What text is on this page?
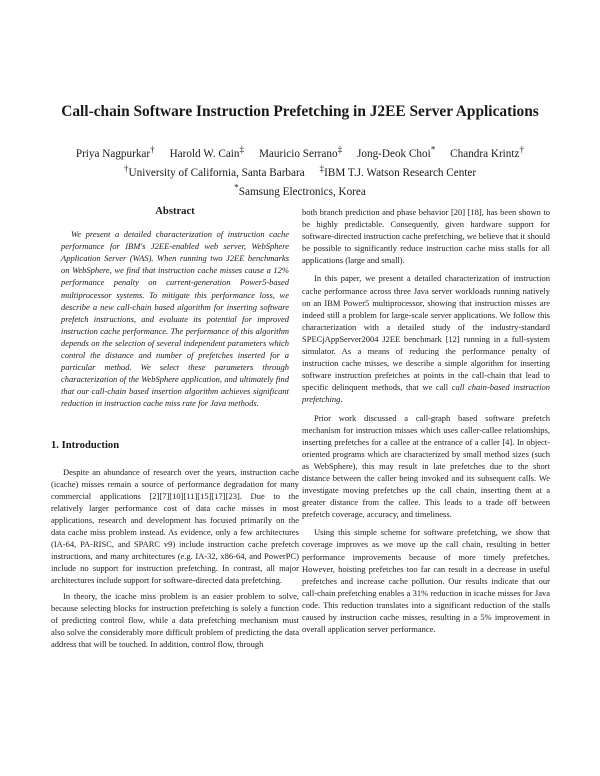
Call-chain Software Instruction Prefetching in J2EE Server Applications
Priya Nagpurkar† Harold W. Cain‡ Mauricio Serrano‡ Jong-Deok Choi* Chandra Krintz†
†University of California, Santa Barbara ‡IBM T.J. Watson Research Center
*Samsung Electronics, Korea
Abstract

We present a detailed characterization of instruction cache performance for IBM's J2EE-enabled web server, WebSphere Application Server (WAS). When running two J2EE benchmarks on WebSphere, we find that instruction cache misses cause a 12% performance penalty on current-generation Power5-based multiprocessor systems. To mitigate this performance loss, we describe a new call-chain based algorithm for inserting software prefetch instructions, and evaluate its potential for improved instruction cache performance. The performance of this algorithm depends on the selection of several independent parameters which control the distance and number of prefetches inserted for a particular method. We select these parameters through characterization of the WebSphere application, and ultimately find that our call-chain based insertion algorithm achieves significant reduction in instruction cache miss rate for Java methods.

1. Introduction

Despite an abundance of research over the years, instruction cache (icache) misses remain a source of performance degradation for many commercial applications [2][7][10][11][15][17][23]. Due to the relatively larger performance cost of data cache misses in most applications, research and development has focused primarily on the data cache miss problem instead. As evidence, only a few architectures (IA-64, PA-RISC, and SPARC v9) include instruction cache prefetch instructions, and many architectures (e.g. IA-32, x86-64, and PowerPC) include no support for instruction prefetching. In contrast, all major architectures include support for software-directed data prefetching.

In theory, the icache miss problem is an easier problem to solve, because selecting blocks for instruction prefetching is solely a function of predicting control flow, while a data prefetching mechanism must also solve the considerably more difficult problem of predicting the data address that will be touched. In addition, control flow, through

both branch prediction and phase behavior [20] [18], has been shown to be highly predictable. Consequently, given hardware support for software-directed instruction cache prefetching, we believe that it should be possible to significantly reduce instruction cache miss stalls for all applications (large and small).

In this paper, we present a detailed characterization of instruction cache performance across three Java server workloads running natively on an IBM Power5 multiprocessor, showing that instruction misses are indeed still a problem for large-scale server applications. We follow this characterization with a detailed study of the industry-standard SPECjAppServer2004 J2EE benchmark [12] running in a full-system simulator. As a means of reducing the performance penalty of instruction cache misses, we describe a simple algorithm for inserting software instruction prefetches at points in the call-chain that lead to specific delinquent methods, that we call call chain-based instruction prefetching.

Prior work discussed a call-graph based software prefetch mechanism for instruction misses which uses caller-callee relationships, inserting prefetches for a callee at the entrance of a caller [4]. In object-oriented programs which are characterized by small method sizes (such as WebSphere), this may result in late prefetches due to the short distance between the caller being invoked and its subsequent calls. We investigate moving prefetches up the call chain, inserting them at a greater distance from the callee. This leads to a trade off between prefetch coverage, accuracy, and timeliness.

Using this simple scheme for software prefetching, we show that coverage improves as we move up the call chain, resulting in better performance improvements because of more timely prefetches. However, hoisting prefetches too far can result in a decrease in useful prefetches and increase cache pollution. Our results indicate that our call-chain prefetching enables a 31% reduction in icache misses for Java code. This reduction translates into a significant reduction of the stalls caused by instruction cache misses, resulting in a 5% improvement in overall application server performance.
